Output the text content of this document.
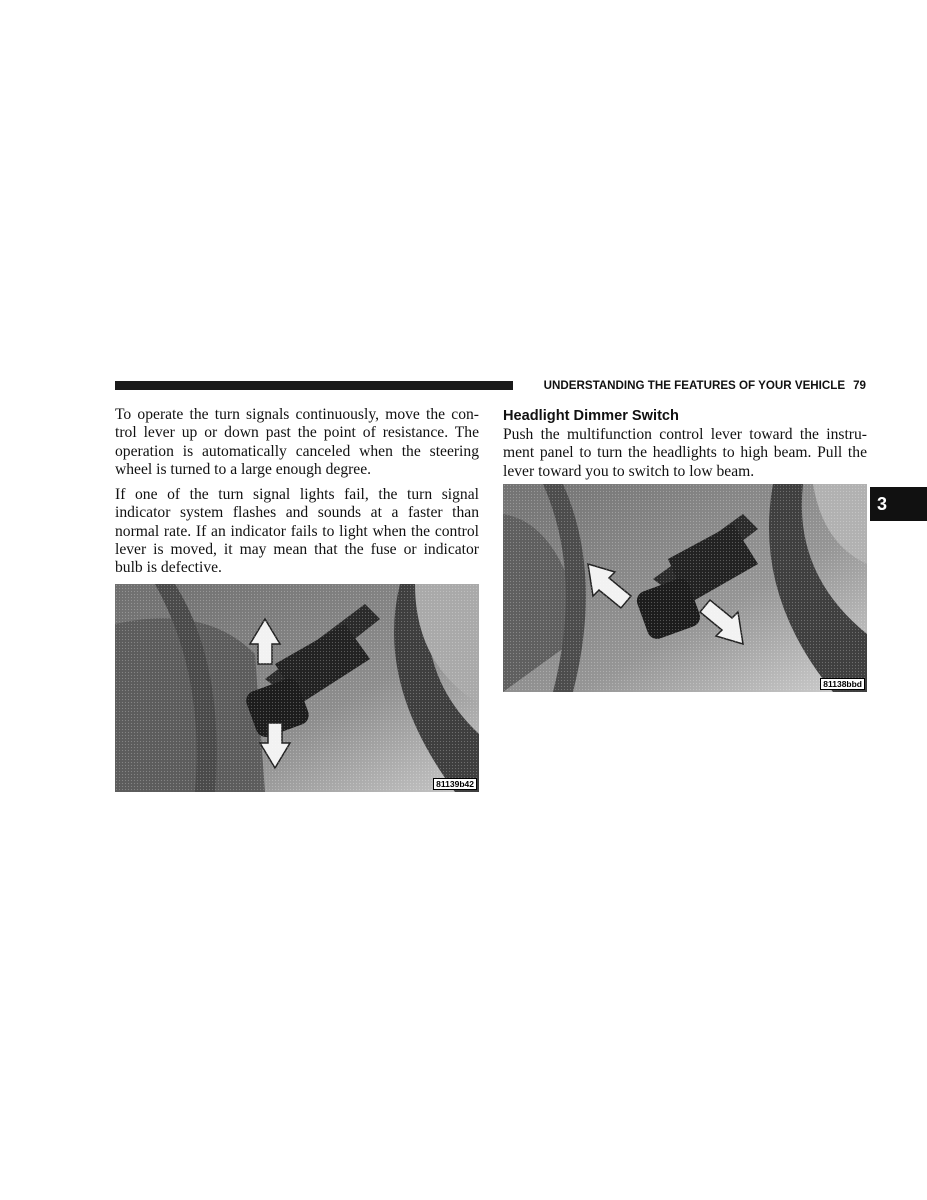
UNDERSTANDING THE FEATURES OF YOUR VEHICLE 79

To operate the turn signals continuously, move the con-trol lever up or down past the point of resistance. The operation is automatically canceled when the steering wheel is turned to a large enough degree.

If one of the turn signal lights fail, the turn signal indicator system flashes and sounds at a faster than normal rate. If an indicator fails to light when the control lever is moved, it may mean that the fuse or indicator bulb is defective.

81139b42
Headlight Dimmer Switch

Push the multifunction control lever toward the instru-ment panel to turn the headlights to high beam. Pull the lever toward you to switch to low beam.

81138bbd
3
